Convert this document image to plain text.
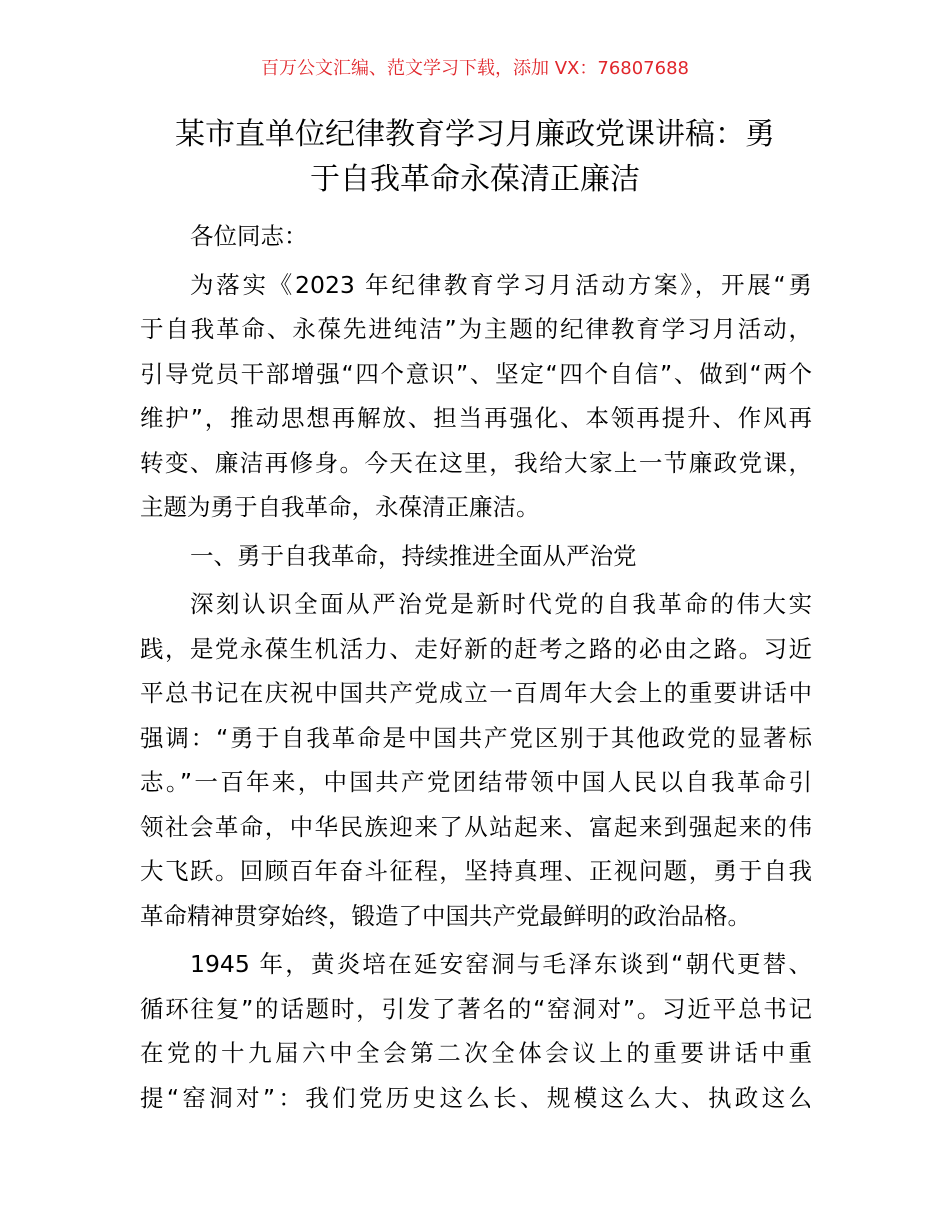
百万公文汇编、范文学习下载，添加 VX：76807688
某市直单位纪律教育学习月廉政党课讲稿：勇
于自我革命永葆清正廉洁
各位同志：
为落实《2023 年纪律教育学习月活动方案》，开展“勇
于自我革命、永葆先进纯洁”为主题的纪律教育学习月活动，
引导党员干部增强“四个意识”、坚定“四个自信”、做到“两个
维护”，推动思想再解放、担当再强化、本领再提升、作风再
转变、廉洁再修身。今天在这里，我给大家上一节廉政党课，
主题为勇于自我革命，永葆清正廉洁。
一、勇于自我革命，持续推进全面从严治党
深刻认识全面从严治党是新时代党的自我革命的伟大实
践，是党永葆生机活力、走好新的赶考之路的必由之路。习近
平总书记在庆祝中国共产党成立一百周年大会上的重要讲话中
强调：“勇于自我革命是中国共产党区别于其他政党的显著标
志。”一百年来，中国共产党团结带领中国人民以自我革命引
领社会革命，中华民族迎来了从站起来、富起来到强起来的伟
大飞跃。回顾百年奋斗征程，坚持真理、正视问题，勇于自我
革命精神贯穿始终，锻造了中国共产党最鲜明的政治品格。
1945 年，黄炎培在延安窑洞与毛泽东谈到“朝代更替、
循环往复”的话题时，引发了著名的“窑洞对”。习近平总书记
在党的十九届六中全会第二次全体会议上的重要讲话中重
提“窑洞对”：我们党历史这么长、规模这么大、执政这么
